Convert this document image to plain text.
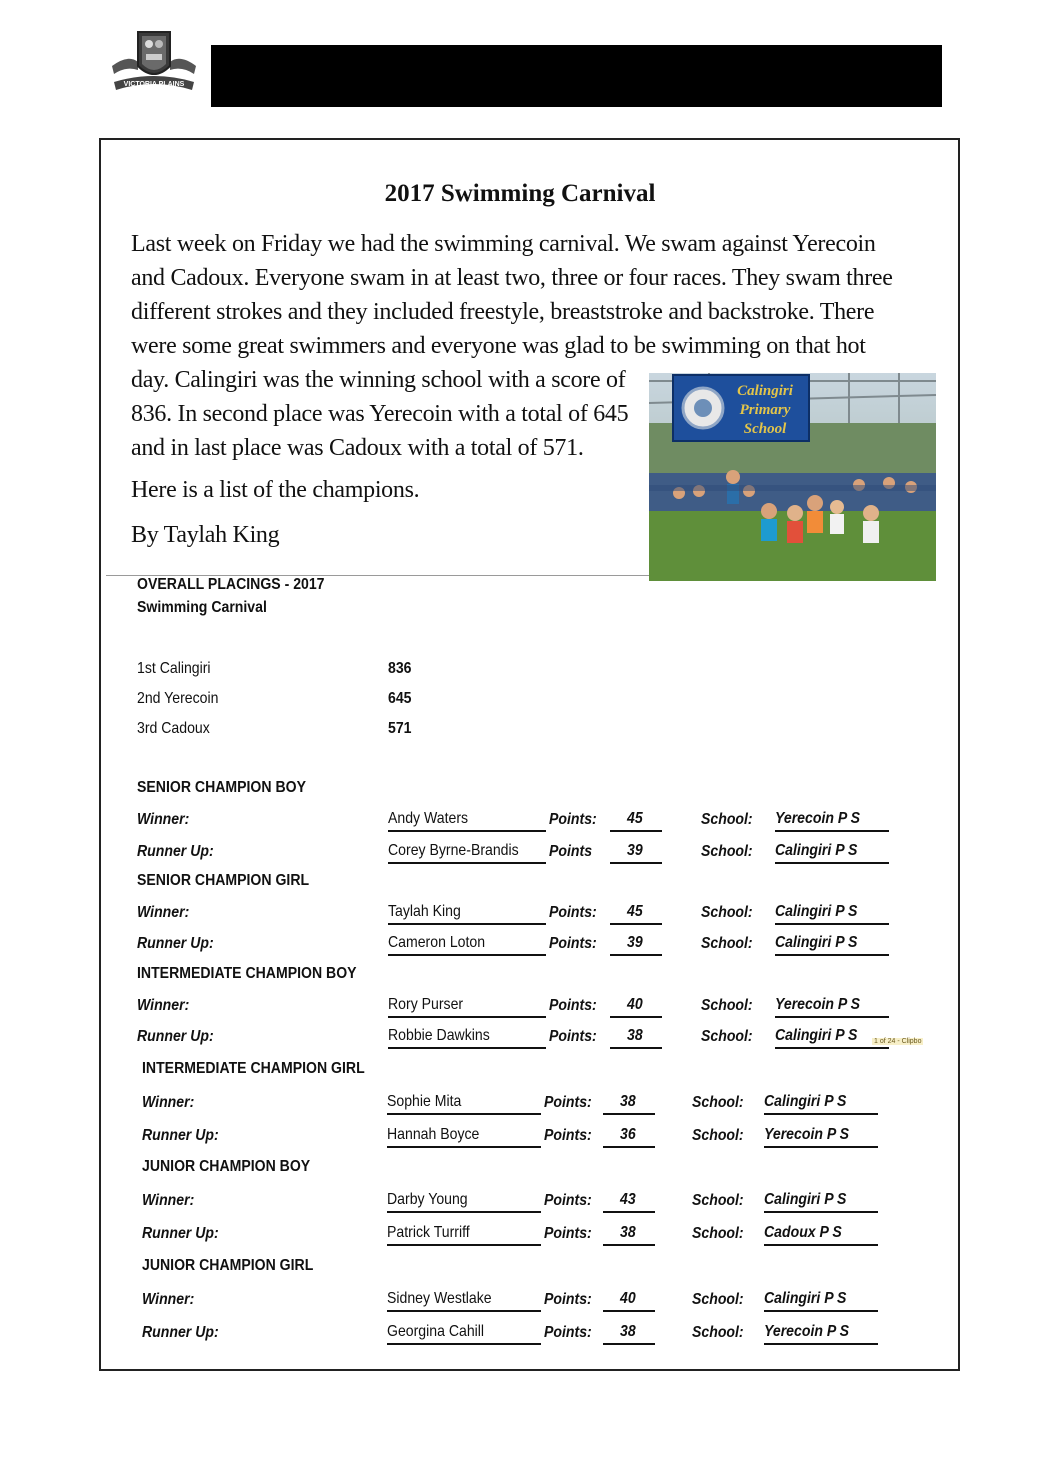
VICTORIA PLAINS
2017 Swimming Carnival
Last week on Friday we had the swimming carnival. We swam against Yerecoin and Cadoux. Everyone swam in at least two, three or four races. They swam three different strokes and they included freestyle, breaststroke and backstroke. There were some great swimmers and everyone was glad to be swimming on that hot
day. Calingiri was the winning school with a score of 836. In second place was Yerecoin with a total of 645 and in last place was Cadoux with a total of 571.
Here is a list of the champions.
By Taylah King
Calingiri
Primary
School
OVERALL PLACINGS - 2017
Swimming Carnival
1st Calingiri	836
2nd Yerecoin	645
3rd Cadoux	571
SENIOR CHAMPION BOY
Winner:	Andy Waters	Points:	45	School:	Yerecoin P S
Runner Up:	Corey Byrne-Brandis	Points	39	School:	Calingiri P S
SENIOR CHAMPION GIRL
Winner:	Taylah King	Points:	45	School:	Calingiri P S
Runner Up:	Cameron Loton	Points:	39	School:	Calingiri P S
INTERMEDIATE CHAMPION BOY
Winner:	Rory Purser	Points:	40	School:	Yerecoin P S
Runner Up:	Robbie Dawkins	Points:	38	School:	Calingiri P S	1 of 24 - Clipbo
INTERMEDIATE CHAMPION GIRL
Winner:	Sophie Mita	Points:	38	School:	Calingiri P S
Runner Up:	Hannah Boyce	Points:	36	School:	Yerecoin P S
JUNIOR CHAMPION BOY
Winner:	Darby Young	Points:	43	School:	Calingiri P S
Runner Up:	Patrick Turriff	Points:	38	School:	Cadoux P S
JUNIOR CHAMPION GIRL
Winner:	Sidney Westlake	Points:	40	School:	Calingiri P S
Runner Up:	Georgina Cahill	Points:	38	School:	Yerecoin P S
